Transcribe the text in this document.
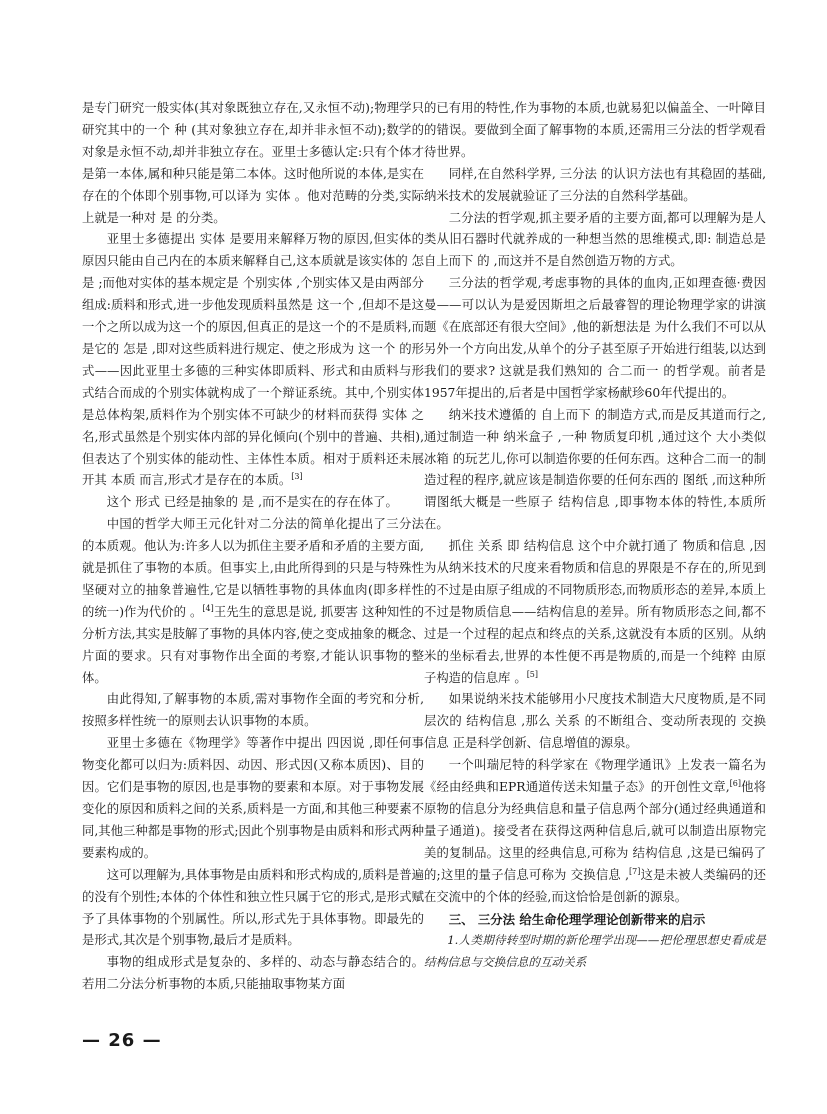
是专门研究一般实体(其对象既独立存在,又永恒不动);物理学只研究其中的一个 种 (其对象独立存在,却并非永恒不动);数学的对象是永恒不动,却并非独立存在。亚里士多德认定:只有个体才是第一本体,属和种只能是第二本体。这时他所说的本体,是实在存在的个体即个别事物,可以译为 实体 。他对范畴的分类,实际上就是一种对 是 的分类。

亚里士多德提出 实体 是要用来解释万物的原因,但实体的原因只能由自己内在的本质来解释自己,这本质就是该实体的 怎是 ;而他对实体的基本规定是 个别实体 ,个别实体又是由两部分组成:质料和形式,进一步他发现质料虽然是 这一个 ,但却不是这一个之所以成为这一个的原因,但真正的是这一个的不是质料,而是它的 怎是 ,即对这些质料进行规定、使之形成为 这一个 的形式——因此亚里士多德的三种实体即质料、形式和由质料与形式结合而成的个别实体就构成了一个辩证系统。其中,个别实体是总体构架,质料作为个别实体不可缺少的材料而获得 实体 之名,形式虽然是个别实体内部的异化倾向(个别中的普遍、共相),但表达了个别实体的能动性、主体性本质。相对于质料还未展开其 本质 而言,形式才是存在的本质。[3]

这个 形式 已经是抽象的 是 ,而不是实在的存在体了。

中国的哲学大师王元化针对二分法的简单化提出了三分法的本质观。他认为:许多人以为抓住主要矛盾和矛盾的主要方面,就是抓住了事物的本质。但事实上,由此所得到的只是与特殊性坚硬对立的抽象普遍性,它是以牺牲事物的具体血肉(即多样性的统一)作为代价的 。[4]王先生的意思是说, 抓要害 这种知性的分析方法,其实是肢解了事物的具体内容,使之变成抽象的概念、片面的要求。只有对事物作出全面的考察,才能认识事物的整体。

由此得知,了解事物的本质,需对事物作全面的考究和分析,按照多样性统一的原则去认识事物的本质。

亚里士多德在《物理学》等著作中提出 四因说 ,即任何事物变化都可以归为:质料因、动因、形式因(又称本质因)、目的因。它们是事物的原因,也是事物的要素和本原。对于事物发展变化的原因和质料之间的关系,质料是一方面,和其他三种要素不同,其他三种都是事物的形式;因此个别事物是由质料和形式两种要素构成的。

这可以理解为,具体事物是由质料和形式构成的,质料是普遍的没有个别性;本体的个体性和独立性只属于它的形式,是形式赋予了具体事物的个别属性。所以,形式先于具体事物。即最先的是形式,其次是个别事物,最后才是质料。

事物的组成形式是复杂的、多样的、动态与静态结合的。若用二分法分析事物的本质,只能抽取事物某方面

的已有用的特性,作为事物的本质,也就易犯以偏盖全、一叶障目的错误。要做到全面了解事物的本质,还需用三分法的哲学观看待世界。

同样,在自然科学界, 三分法 的认识方法也有其稳固的基础,纳米技术的发展就验证了三分法的自然科学基础。

二分法的哲学观,抓主要矛盾的主要方面,都可以理解为是人类从旧石器时代就养成的一种想当然的思维模式,即: 制造总是 自上而下 的 ,而这并不是自然创造万物的方式。

三分法的哲学观,考虑事物的具体的血肉,正如理查德·费因曼——可以认为是爱因斯坦之后最睿智的理论物理学家的讲演题《在底部还有很大空间》,他的新想法是 为什么我们不可以从另外一个方向出发,从单个的分子甚至原子开始进行组装,以达到我们的要求? 这就是我们熟知的 合二而一 的哲学观。前者是1957年提出的,后者是中国哲学家杨献珍60年代提出的。

纳米技术遵循的 自上而下 的制造方式,而是反其道而行之,通过制造一种 纳米盒子 ,一种 物质复印机 ,通过这个 大小类似冰箱 的玩艺儿,你可以制造你要的任何东西。这种合二而一的制造过程的程序,就应该是制造你要的任何东西的 图纸 ,而这种所谓图纸大概是一些原子 结构信息 ,即事物本体的特性,本质所在。

抓住 关系 即 结构信息 这个中介就打通了 物质和信息 ,因为从纳米技术的尺度来看物质和信息的界限是不存在的,所见到的不过是由原子组成的不同物质形态,而物质形态的差异,本质上不过是物质信息——结构信息的差异。所有物质形态之间,都不过是一个过程的起点和终点的关系,这就没有本质的区别。从纳米的坐标看去,世界的本性便不再是物质的,而是一个纯粹 由原子构造的信息库 。[5]

如果说纳米技术能够用小尺度技术制造大尺度物质,是不同层次的 结构信息 ,那么 关系 的不断组合、变动所表现的 交换信息 正是科学创新、信息增值的源泉。

一个叫瑞尼特的科学家在《物理学通讯》上发表一篇名为《经由经典和EPR通道传送未知量子态》的开创性文章,[6]他将原物的信息分为经典信息和量子信息两个部分(通过经典通道和量子通道)。接受者在获得这两种信息后,就可以制造出原物完美的复制品。这里的经典信息,可称为 结构信息 ,这是已编码了的;这里的量子信息可称为 交换信息 ,[7]这是未被人类编码的还在交流中的个体的经验,而这恰恰是创新的源泉。

三、 三分法 给生命伦理学理论创新带来的启示

1.人类期待转型时期的新伦理学出现——把伦理思想史看成是结构信息与交换信息的互动关系

— 26 —
